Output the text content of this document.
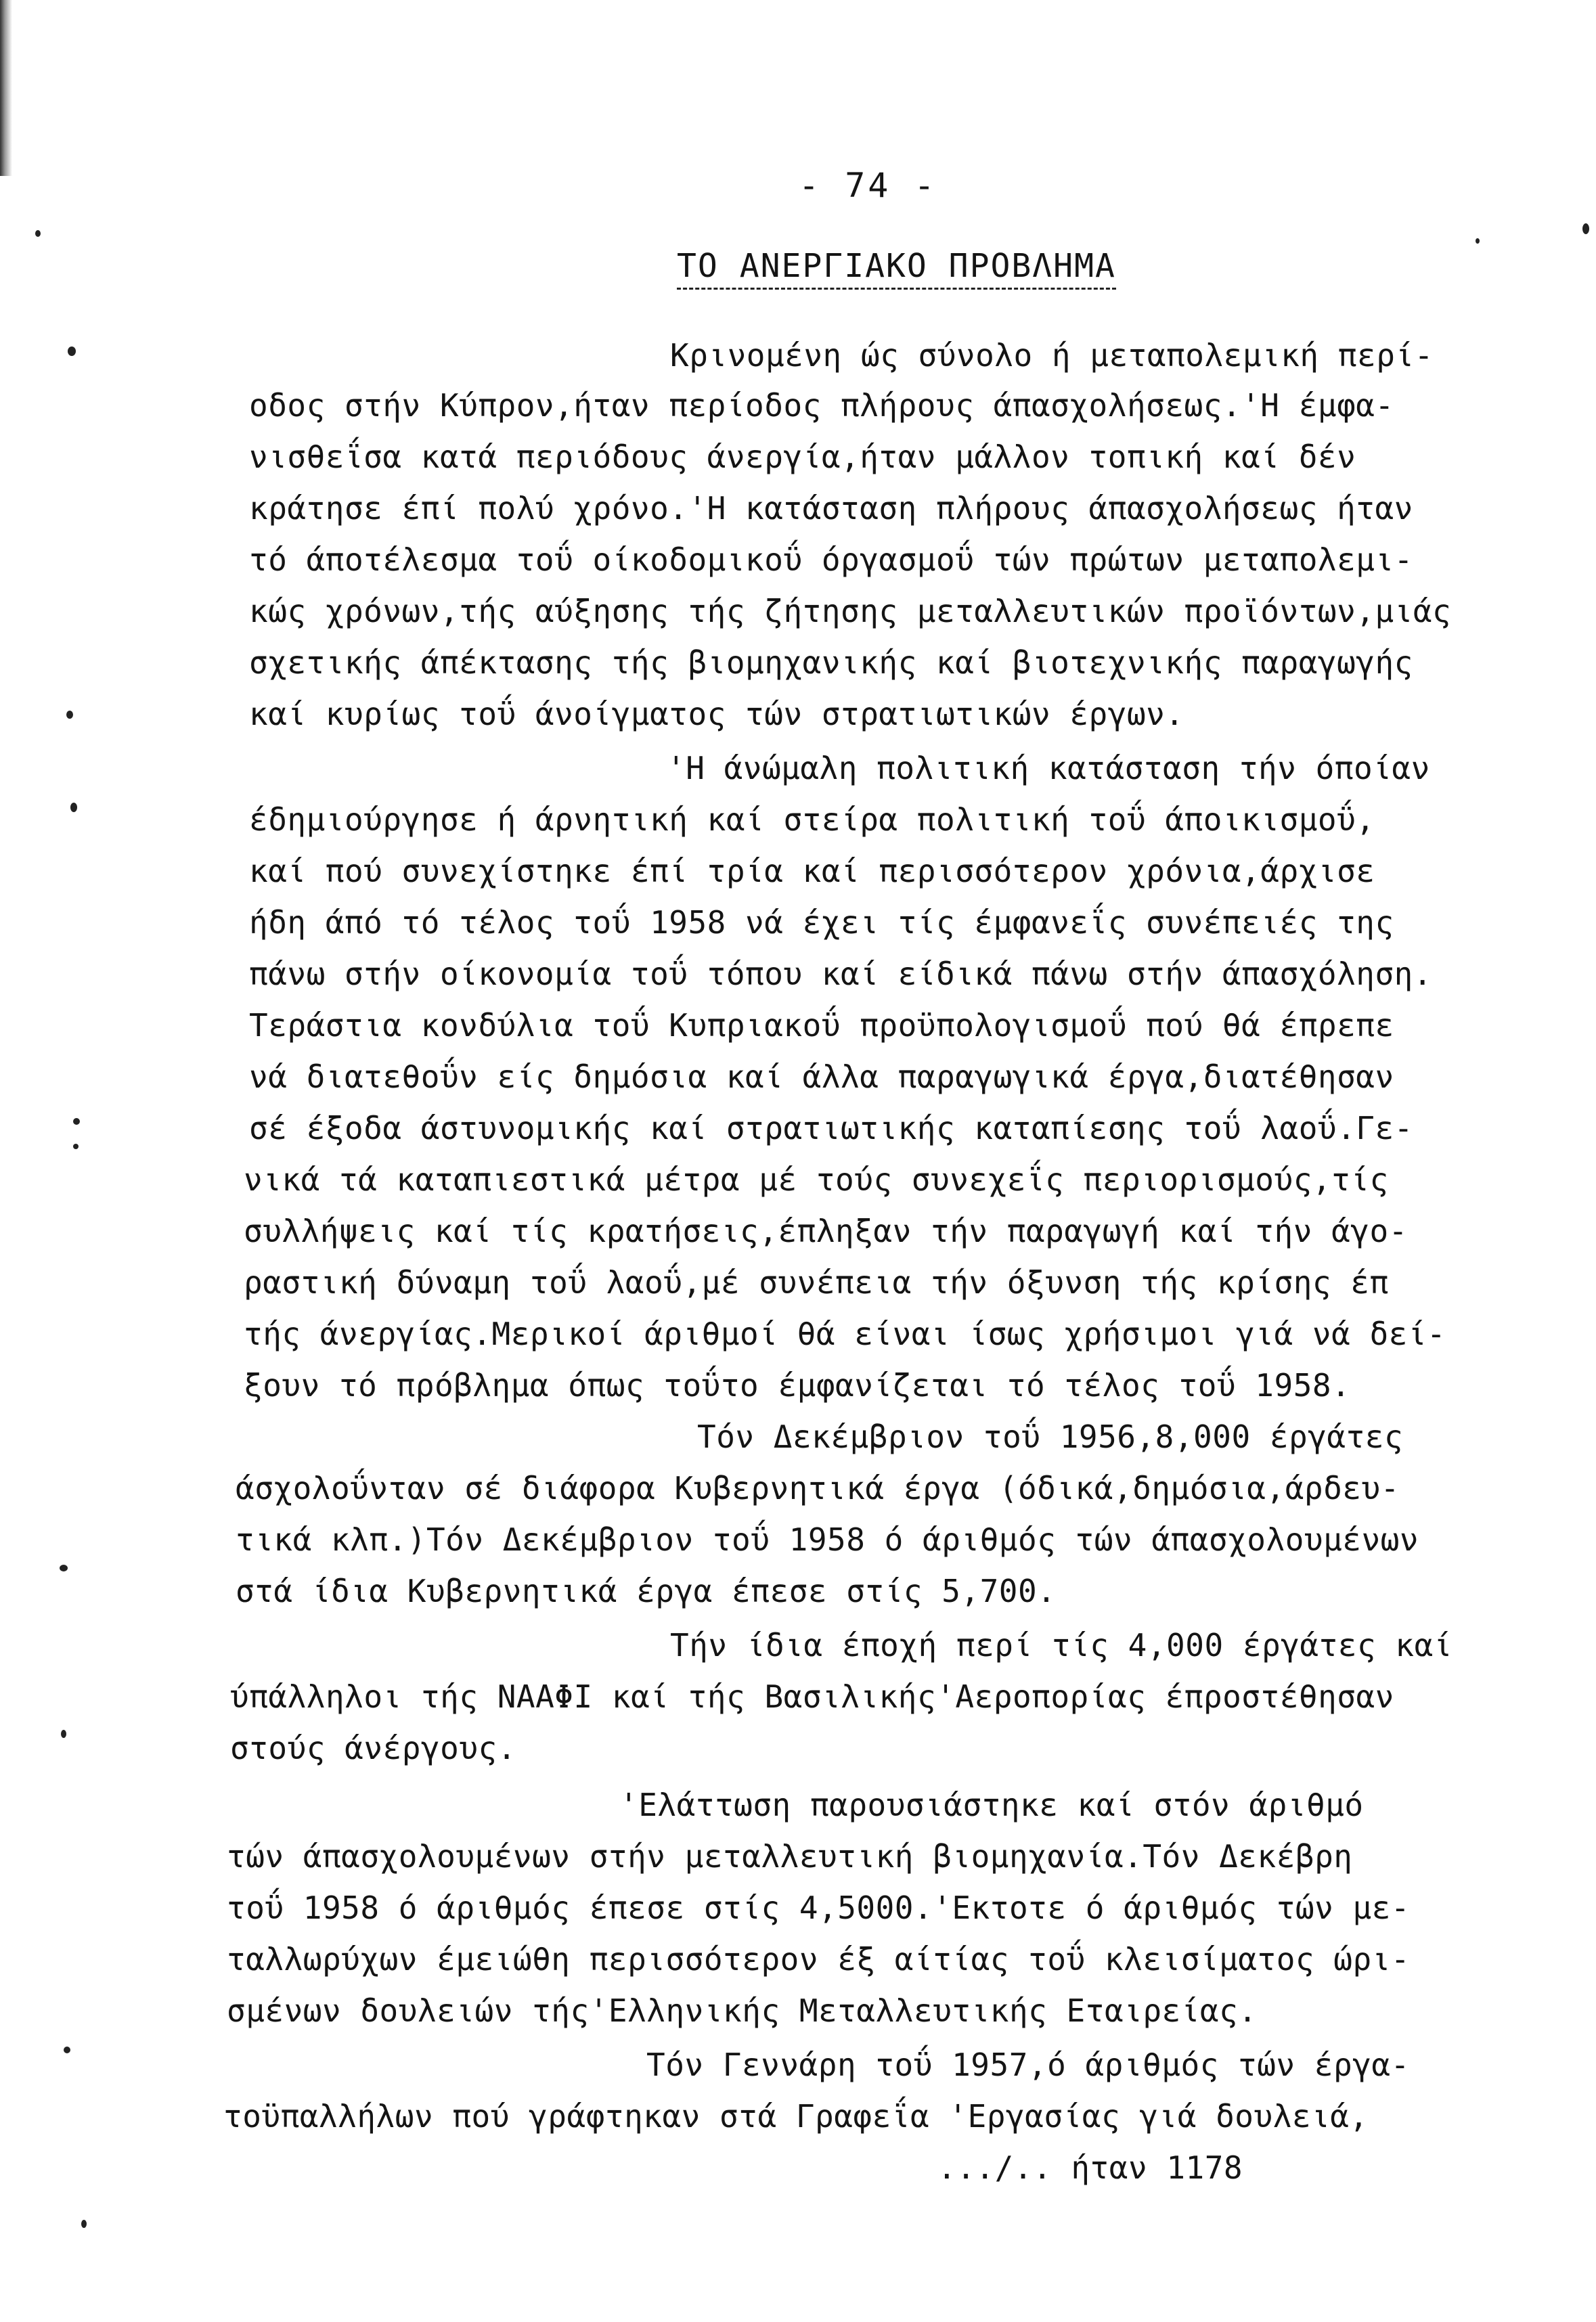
- 74 -
ΤΟ ΑΝΕΡΓΙΑΚΟ ΠΡΟΒΛΗΜΑ
Κρινομένη ώς σύνολο ή μεταπολεμική περί-
οδος στήν Κύπρον,ήταν περίοδος πλήρους άπασχολήσεως.'Η έμφα-
νισθεΐσα κατά περιόδους άνεργία,ήταν μάλλον τοπική καί δέν
κράτησε έπί πολύ χρόνο.'Η κατάσταση πλήρους άπασχολήσεως ήταν
τό άποτέλεσμα τοΰ οίκοδομικοΰ όργασμοΰ τών πρώτων μεταπολεμι-
κώς χρόνων,τής αύξησης τής ζήτησης μεταλλευτικών προϊόντων,μιάς
σχετικής άπέκτασης τής βιομηχανικής καί βιοτεχνικής παραγωγής
καί κυρίως τοΰ άνοίγματος τών στρατιωτικών έργων.
'Η άνώμαλη πολιτική κατάσταση τήν όποίαν
έδημιούργησε ή άρνητική καί στείρα πολιτική τοΰ άποικισμοΰ,
καί πού συνεχίστηκε έπί τρία καί περισσότερον χρόνια,άρχισε
ήδη άπό τό τέλος τοΰ 1958 νά έχει τίς έμφανεΐς συνέπειές της
πάνω στήν οίκονομία τοΰ τόπου καί είδικά πάνω στήν άπασχόληση.
Τεράστια κονδύλια τοΰ Κυπριακοΰ προϋπολογισμοΰ πού θά έπρεπε
νά διατεθοΰν είς δημόσια καί άλλα παραγωγικά έργα,διατέθησαν
σέ έξοδα άστυνομικής καί στρατιωτικής καταπίεσης τοΰ λαοΰ.Γε-
νικά τά καταπιεστικά μέτρα μέ τούς συνεχεΐς περιορισμούς,τίς
συλλήψεις καί τίς κρατήσεις,έπληξαν τήν παραγωγή καί τήν άγο-
ραστική δύναμη τοΰ λαοΰ,μέ συνέπεια τήν όξυνση τής κρίσης έπ
τής άνεργίας.Μερικοί άριθμοί θά είναι ίσως χρήσιμοι γιά νά δεί-
ξουν τό πρόβλημα όπως τοΰτο έμφανίζεται τό τέλος τοΰ 1958.
Τόν Δεκέμβριον τοΰ 1956,8,000 έργάτες
άσχολοΰνταν σέ διάφορα Κυβερνητικά έργα (όδικά,δημόσια,άρδευ-
τικά κλπ.)Τόν Δεκέμβριον τοΰ 1958 ό άριθμός τών άπασχολουμένων
στά ίδια Κυβερνητικά έργα έπεσε στίς 5,700.
Τήν ίδια έποχή περί τίς 4,000 έργάτες καί
ύπάλληλοι τής ΝΑΑΦΙ καί τής Βασιλικής'Αεροπορίας έπροστέθησαν
στούς άνέργους.
'Ελάττωση παρουσιάστηκε καί στόν άριθμό
τών άπασχολουμένων στήν μεταλλευτική βιομηχανία.Τόν Δεκέβρη
τοΰ 1958 ό άριθμός έπεσε στίς 4,5000.'Εκτοτε ό άριθμός τών με-
ταλλωρύχων έμειώθη περισσότερον έξ αίτίας τοΰ κλεισίματος ώρι-
σμένων δουλειών τής'Ελληνικής Μεταλλευτικής Εταιρείας.
Τόν Γεννάρη τοΰ 1957,ό άριθμός τών έργα-
τοϋπαλλήλων πού γράφτηκαν στά Γραφεΐα 'Εργασίας γιά δουλειά,
.../.. ήταν 1178
